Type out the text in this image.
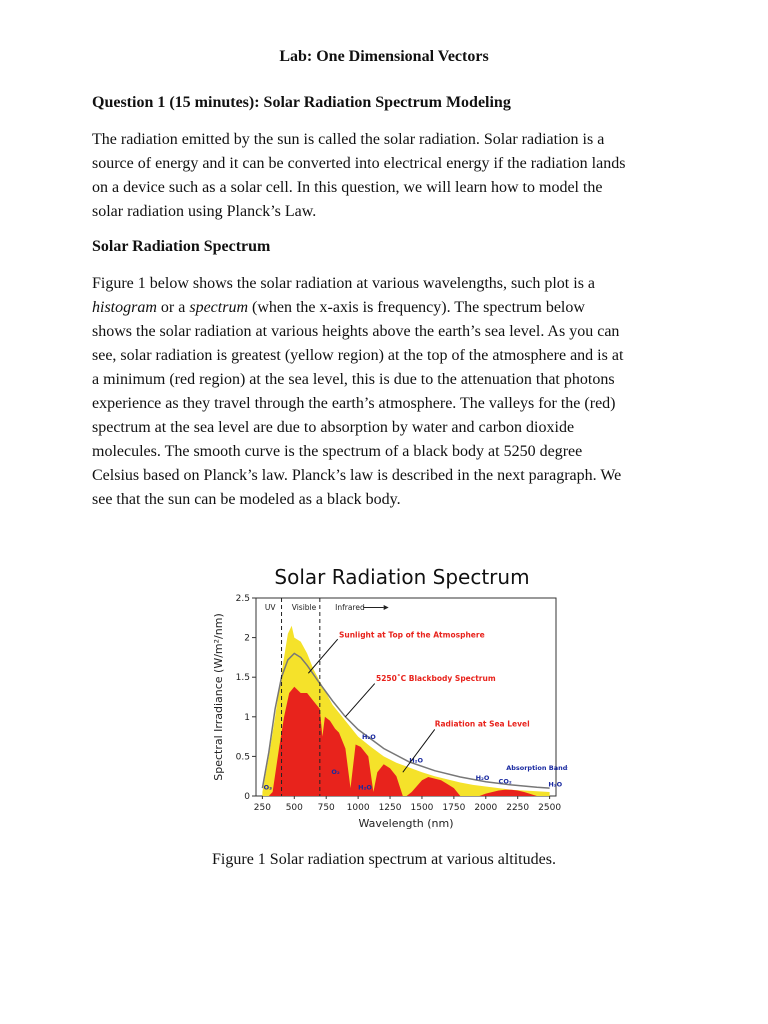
Lab: One Dimensional Vectors
Question 1 (15 minutes): Solar Radiation Spectrum Modeling

The radiation emitted by the sun is called the solar radiation. Solar radiation is a
source of energy and it can be converted into electrical energy if the radiation lands
on a device such as a solar cell. In this question, we will learn how to model the
solar radiation using Planck’s Law.

Solar Radiation Spectrum

Figure 1 below shows the solar radiation at various wavelengths, such plot is a
histogram or a spectrum (when the x-axis is frequency). The spectrum below
shows the solar radiation at various heights above the earth’s sea level. As you can
see, solar radiation is greatest (yellow region) at the top of the atmosphere and is at
a minimum (red region) at the sea level, this is due to the attenuation that photons
experience as they travel through the earth’s atmosphere. The valleys for the (red)
spectrum at the sea level are due to absorption by water and carbon dioxide
molecules. The smooth curve is the spectrum of a black body at 5250 degree
Celsius based on Planck’s law. Planck’s law is described in the next paragraph. We
see that the sun can be modeled as a black body.

Solar Radiation Spectrum
UV Visible	Infrared
0
0.5
1
1.5
2
2.5
250 500 750 1000 1250 1500 1750 2000 2250 2500
Wavelength (nm)
Spectral Irradiance (W/m²/nm)	Sunlight at Top of the Atmosphere
5250˚C Blackbody Spectrum
Radiation at Sea Level
Absorption Bands
H₂O
H₂O
H₂O CO₂	H₂O
O₂
H₂O
O₃
Figure 1 Solar radiation spectrum at various altitudes.
